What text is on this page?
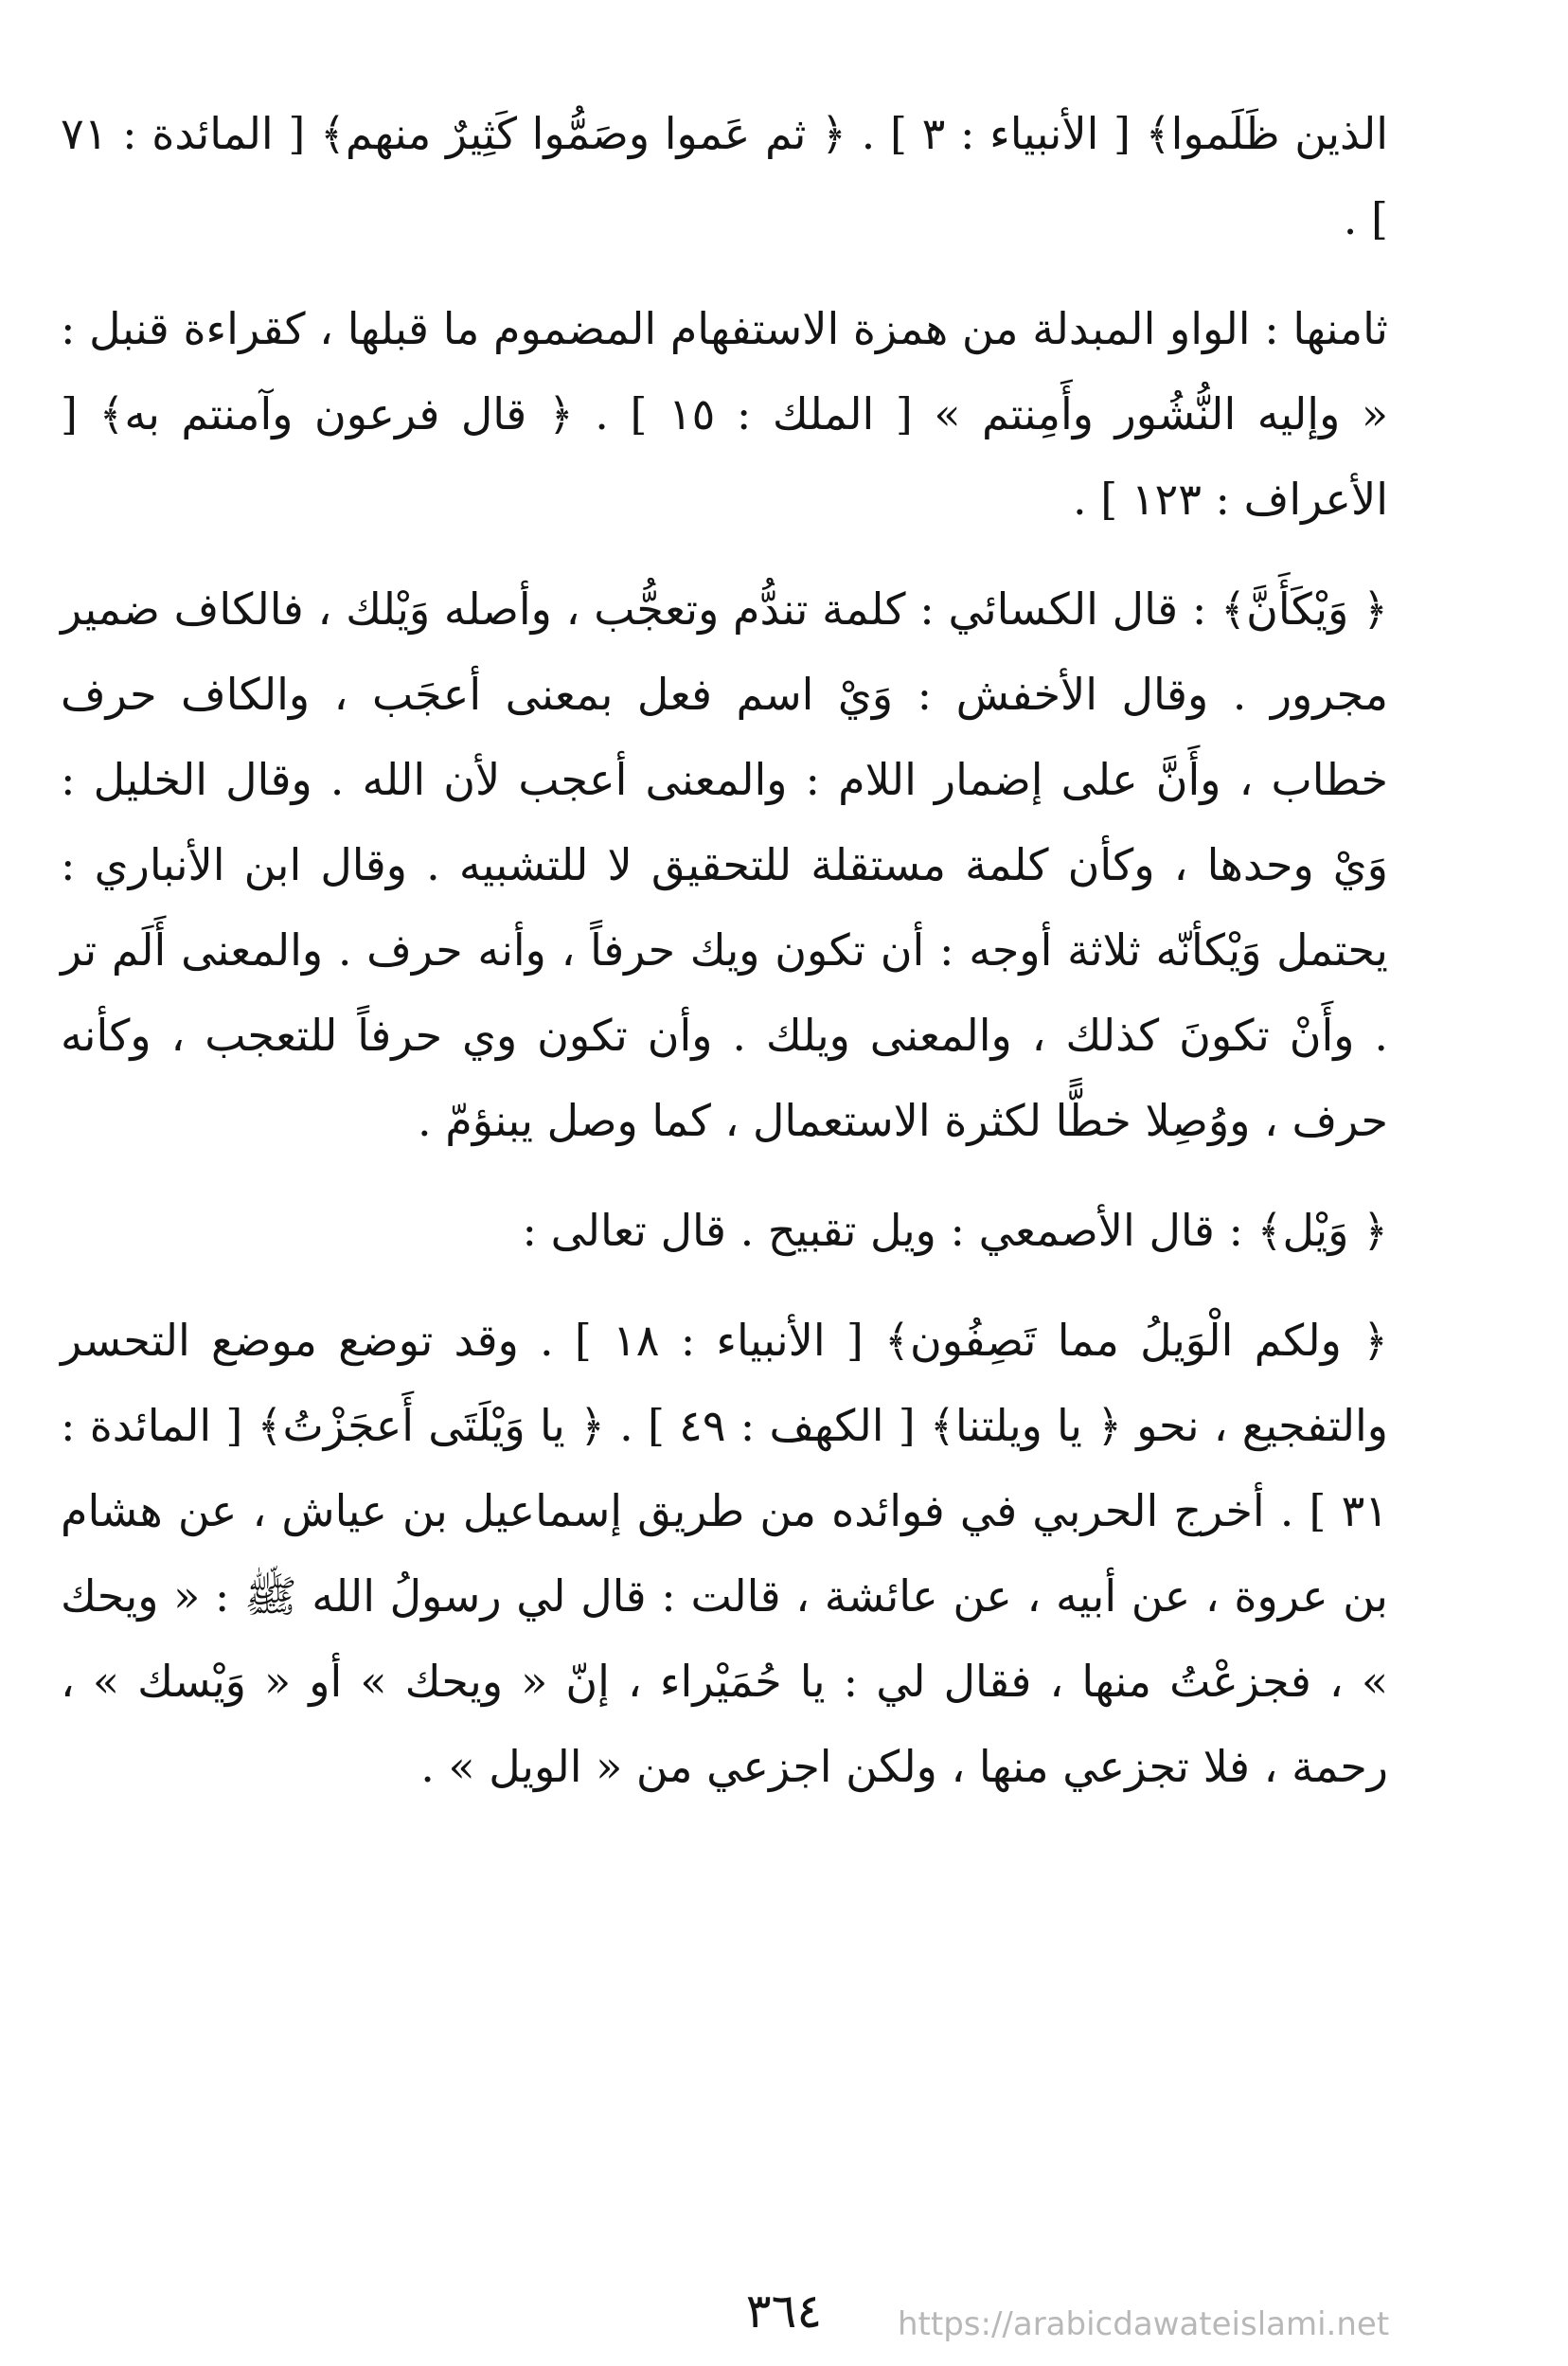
الذين ظَلَموا﴾ [ الأنبياء : ٣ ] . ﴿ ثم عَموا وصَمُّوا كَثِيرٌ منهم﴾ [ المائدة : ٧١ ] .

ثامنها : الواو المبدلة من همزة الاستفهام المضموم ما قبلها ، كقراءة قنبل : « وإليه النُّشُور وأَمِنتم » [ الملك : ١٥ ] . ﴿ قال فرعون وآمنتم به﴾ [ الأعراف : ١٢٣ ] .

﴿ وَيْكَأَنَّ﴾ : قال الكسائي : كلمة تندُّم وتعجُّب ، وأصله وَيْلك ، فالكاف ضمير مجرور . وقال الأخفش : وَيْ اسم فعل بمعنى أعجَب ، والكاف حرف خطاب ، وأَنَّ على إضمار اللام : والمعنى أعجب لأن الله . وقال الخليل : وَيْ وحدها ، وكأن كلمة مستقلة للتحقيق لا للتشبيه . وقال ابن الأنباري : يحتمل وَيْكأنّه ثلاثة أوجه : أن تكون ويك حرفاً ، وأنه حرف . والمعنى أَلَم تر . وأَنْ تكونَ كذلك ، والمعنى ويلك . وأن تكون وي حرفاً للتعجب ، وكأنه حرف ، ووُصِلا خطًّا لكثرة الاستعمال ، كما وصل يبنؤمّ .

﴿ وَيْل﴾ : قال الأصمعي : ويل تقبيح . قال تعالى :

﴿ ولكم الْوَيلُ مما تَصِفُون﴾ [ الأنبياء : ١٨ ] . وقد توضع موضع التحسر والتفجيع ، نحو ﴿ يا ويلتنا﴾ [ الكهف : ٤٩ ] . ﴿ يا وَيْلَتَى أَعجَزْتُ﴾ [ المائدة : ٣١ ] . أخرج الحربي في فوائده من طريق إسماعيل بن عياش ، عن هشام بن عروة ، عن أبيه ، عن عائشة ، قالت : قال لي رسولُ الله ﷺ : « ويحك » ، فجزعْتُ منها ، فقال لي : يا حُمَيْراء ، إنّ « ويحك » أو « وَيْسك » ، رحمة ، فلا تجزعي منها ، ولكن اجزعي من « الويل » .

٣٦٤	https://arabicdawateislami.net
